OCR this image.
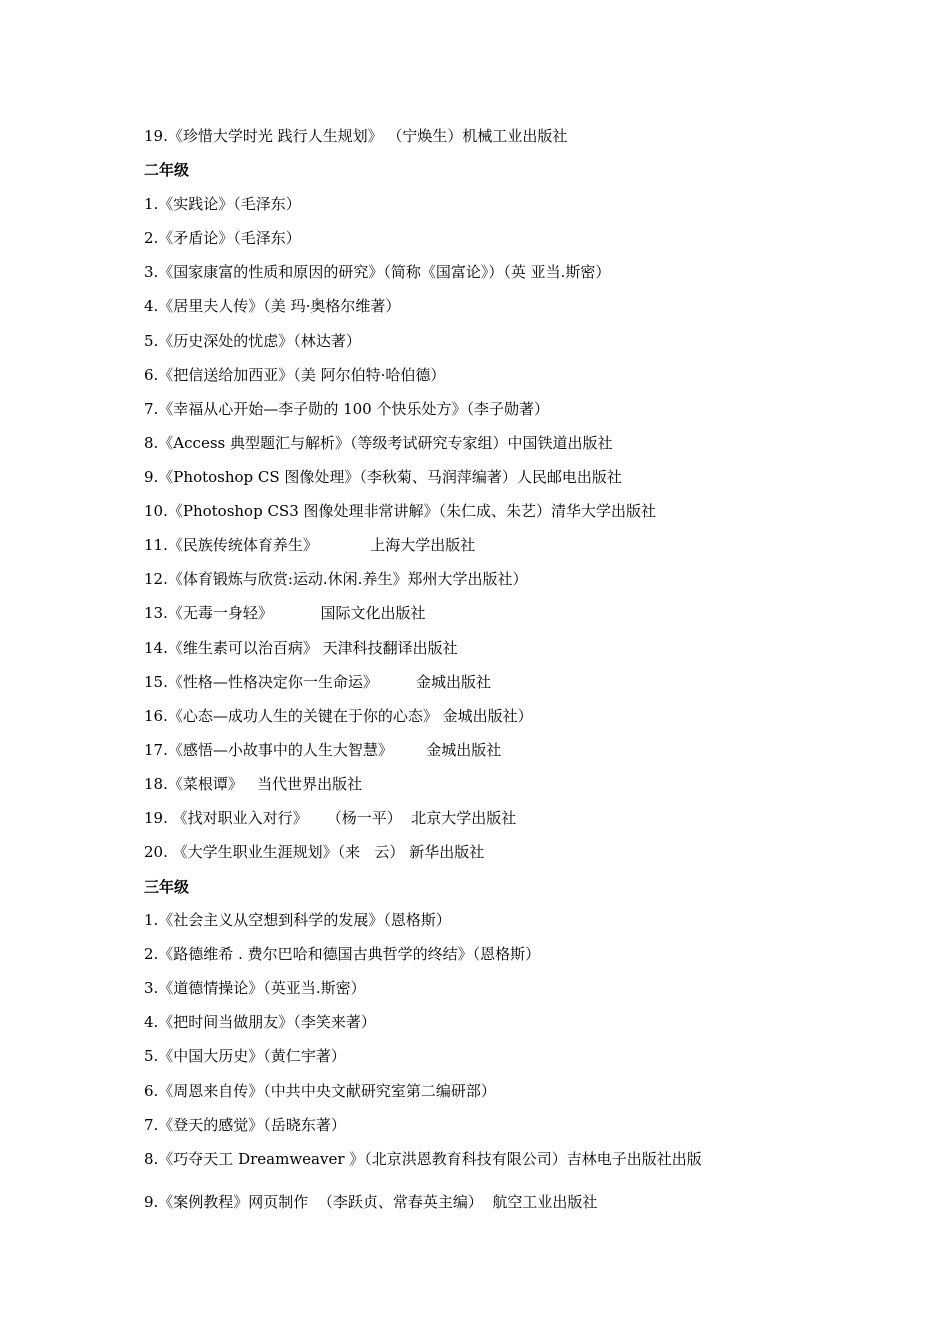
19.《珍惜大学时光 践行人生规划》 （宁焕生）机械工业出版社
二年级
1.《实践论》（毛泽东）
2.《矛盾论》（毛泽东）
3.《国家康富的性质和原因的研究》（简称《国富论》）（英 亚当.斯密）
4.《居里夫人传》（美 玛·奥格尔维著）
5.《历史深处的忧虑》（林达著）
6.《把信送给加西亚》（美 阿尔伯特·哈伯德）
7.《幸福从心开始—李子勋的 100 个快乐处方》（李子勋著）
8.《Access 典型题汇与解析》（等级考试研究专家组）中国铁道出版社
9.《Photoshop CS 图像处理》（李秋菊、马润萍编著）人民邮电出版社
10.《Photoshop CS3 图像处理非常讲解》（朱仁成、朱艺）清华大学出版社
11.《民族传统体育养生》           上海大学出版社
12.《体育锻炼与欣赏:运动.休闲.养生》郑州大学出版社）
13.《无毒一身轻》          国际文化出版社
14.《维生素可以治百病》 天津科技翻译出版社
15.《性格—性格决定你一生命运》        金城出版社
16.《心态—成功人生的关键在于你的心态》 金城出版社）
17.《感悟—小故事中的人生大智慧》       金城出版社
18.《菜根谭》   当代世界出版社
19. 《找对职业入对行》    （杨一平）  北京大学出版社
20. 《大学生职业生涯规划》（来   云） 新华出版社
三年级
1.《社会主义从空想到科学的发展》（恩格斯）
2.《路德维希 . 费尔巴哈和德国古典哲学的终结》（恩格斯）
3.《道德情操论》（英亚当.斯密）
4.《把时间当做朋友》（李笑来著）
5.《中国大历史》（黄仁宇著）
6.《周恩来自传》（中共中央文献研究室第二编研部）
7.《登天的感觉》（岳晓东著）
8.《巧夺天工 Dreamweaver 》（北京洪恩教育科技有限公司）吉林电子出版社出版
9.《案例教程》网页制作  （李跃贞、常春英主编）  航空工业出版社
